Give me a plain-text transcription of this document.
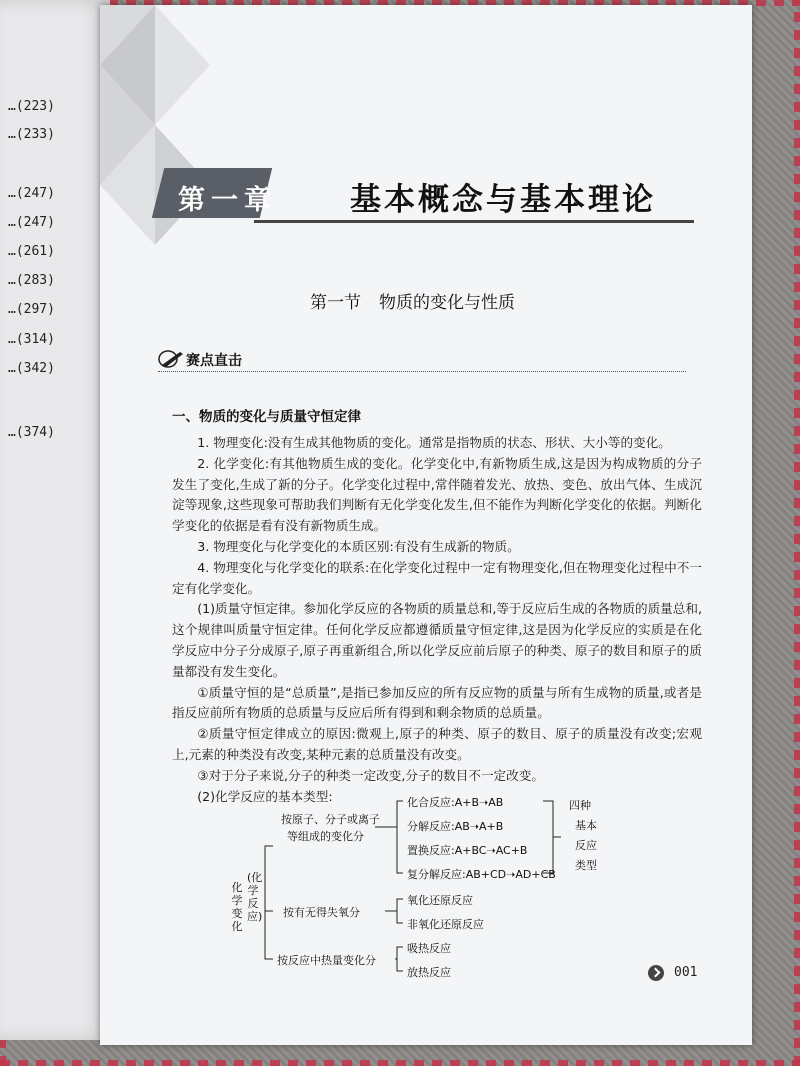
…(223)
…(233)
…(247)
…(247)
…(261)
…(283)
…(297)
…(314)
…(342)
…(374)
第一章 基本概念与基本理论
第一节 物质的变化与性质
赛点直击
一、物质的变化与质量守恒定律

1. 物理变化:没有生成其他物质的变化。通常是指物质的状态、形状、大小等的变化。

2. 化学变化:有其他物质生成的变化。化学变化中,有新物质生成,这是因为构成物质的分子发生了变化,生成了新的分子。化学变化过程中,常伴随着发光、放热、变色、放出气体、生成沉淀等现象,这些现象可帮助我们判断有无化学变化发生,但不能作为判断化学变化的依据。判断化学变化的依据是看有没有新物质生成。

3. 物理变化与化学变化的本质区别:有没有生成新的物质。

4. 物理变化与化学变化的联系:在化学变化过程中一定有物理变化,但在物理变化过程中不一定有化学变化。

(1)质量守恒定律。参加化学反应的各物质的质量总和,等于反应后生成的各物质的质量总和,这个规律叫质量守恒定律。任何化学反应都遵循质量守恒定律,这是因为化学反应的实质是在化学反应中分子分成原子,原子再重新组合,所以化学反应前后原子的种类、原子的数目和原子的质量都没有发生变化。

①质量守恒的是“总质量”,是指已参加反应的所有反应物的质量与所有生成物的质量,或者是指反应前所有物质的总质量与反应后所有得到和剩余物质的总质量。

②质量守恒定律成立的原因:微观上,原子的种类、原子的数目、原子的质量没有改变;宏观上,元素的种类没有改变,某种元素的总质量没有改变。

③对于分子来说,分子的种类一定改变,分子的数目不一定改变。

(2)化学反应的基本类型:

化学变化
(化学反应)
按原子、分子或离子
等组成的变化分
化合反应:A+B➝AB
分解反应:AB➝A+B
置换反应:A+BC➝AC+B
复分解反应:AB+CD➝AD+CB
四种
基本
反应
类型
按有无得失氧分
氧化还原反应
非氧化还原反应
按反应中热量变化分
吸热反应
放热反应	001
